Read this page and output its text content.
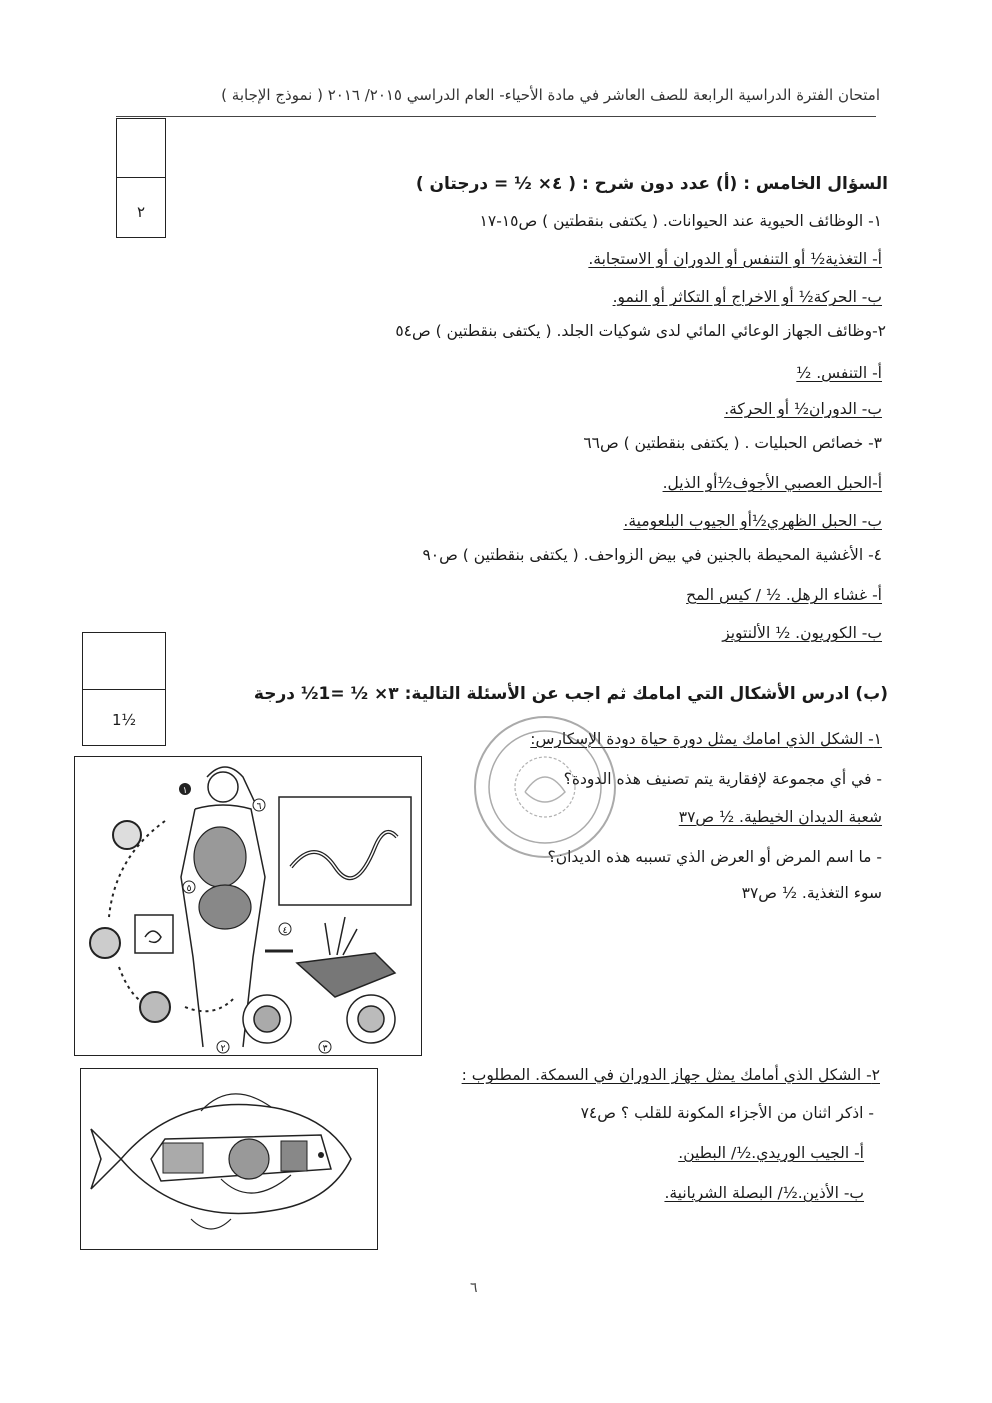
امتحان الفترة الدراسية الرابعة للصف العاشر في مادة الأحياء- العام الدراسي ٢٠١٥/ ٢٠١٦ ( نموذج الإجابة )
٢
السؤال الخامس : (أ) عدد دون شرح : ( ٤× ½ = درجتان )
١- الوظائف الحيوية عند الحيوانات. ( يكتفى بنقطتين ) ص١٥-١٧
أ- التغذية½ أو التنفس أو الدوران أو الاستجابة.
ب- الحركة½ أو الاخراج أو التكاثر أو النمو.
٢-وظائف الجهاز الوعائي المائي لدى شوكيات الجلد. ( يكتفى بنقطتين ) ص٥٤
أ- التنفس. ½
ب- الدوران½ أو الحركة.
٣- خصائص الحبليات . ( يكتفى بنقطتين ) ص٦٦
أ-الحبل العصبي الأجوف½أو الذيل.
ب- الحبل الظهري½أو الجيوب البلعومية.
٤- الأغشية المحيطة بالجنين في بيض الزواحف. ( يكتفى بنقطتين ) ص٩٠
أ- غشاء الرهل. ½ / كيس المح
ب- الكوريون. ½ الألنتويز
1½
(ب) ادرس الأشكال التي امامك ثم اجب عن الأسئلة التالية: ٣× ½ =1½ درجة
١- الشكل الذي امامك يمثل دورة حياة دودة الإسكارس:
- في أي مجموعة لإفقارية يتم تصنيف هذه الدودة؟
شعبة الديدان الخيطية. ½ ص٣٧
- ما اسم المرض أو العرض الذي تسببه هذه الديدان؟
سوء التغذية. ½ ص٣٧
١
٢	٣
٤
٥
٦
٢- الشكل الذي أمامك يمثل جهاز الدوران في السمكة. المطلوب :
- اذكر اثنان من الأجزاء المكونة للقلب ؟ ص٧٤
أ- الجيب الوريدي.½/ البطين.
ب- الأذين.½/ البصلة الشريانية.
٦
